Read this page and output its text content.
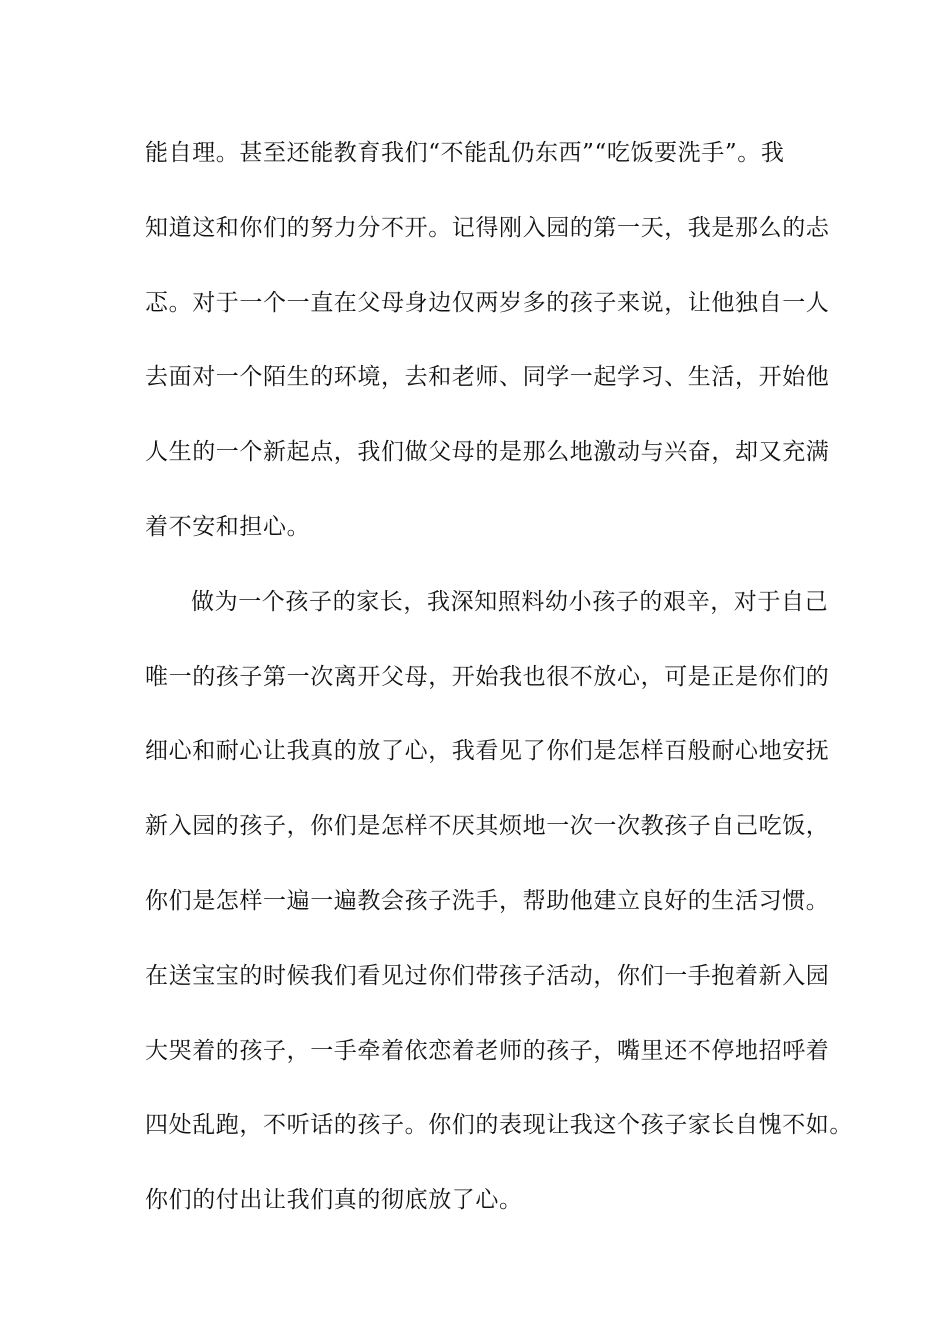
能自理。甚至还能教育我们“不能乱仍东西”“吃饭要洗手”。我
知道这和你们的努力分不开。记得刚入园的第一天，我是那么的忐
忑。对于一个一直在父母身边仅两岁多的孩子来说，让他独自一人
去面对一个陌生的环境，去和老师、同学一起学习、生活，开始他
人生的一个新起点，我们做父母的是那么地激动与兴奋，却又充满
着不安和担心。
做为一个孩子的家长，我深知照料幼小孩子的艰辛，对于自己
唯一的孩子第一次离开父母，开始我也很不放心，可是正是你们的
细心和耐心让我真的放了心，我看见了你们是怎样百般耐心地安抚
新入园的孩子，你们是怎样不厌其烦地一次一次教孩子自己吃饭，
你们是怎样一遍一遍教会孩子洗手，帮助他建立良好的生活习惯。
在送宝宝的时候我们看见过你们带孩子活动，你们一手抱着新入园
大哭着的孩子，一手牵着依恋着老师的孩子，嘴里还不停地招呼着
四处乱跑，不听话的孩子。你们的表现让我这个孩子家长自愧不如。
你们的付出让我们真的彻底放了心。
